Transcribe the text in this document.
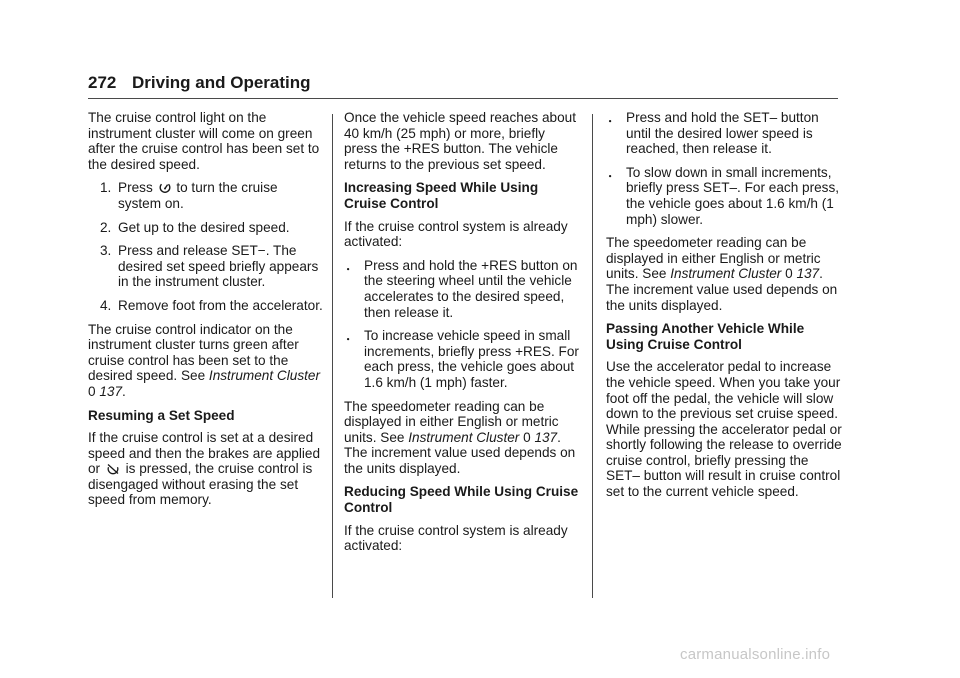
272 Driving and Operating

The cruise control light on the instrument cluster will come on green after the cruise control has been set to the desired speed.

1. Press to turn the cruise system on.
2. Get up to the desired speed.
3. Press and release SET−. The desired set speed briefly appears in the instrument cluster.
4. Remove foot from the accelerator.

The cruise control indicator on the instrument cluster turns green after cruise control has been set to the desired speed. See Instrument Cluster 0 137.

Resuming a Set Speed

If the cruise control is set at a desired speed and then the brakes are applied or is pressed, the cruise control is disengaged without erasing the set speed from memory.

Once the vehicle speed reaches about 40 km/h (25 mph) or more, briefly press the +RES button. The vehicle returns to the previous set speed.

Increasing Speed While Using Cruise Control

If the cruise control system is already activated:

． Press and hold the +RES button on the steering wheel until the vehicle accelerates to the desired speed, then release it.
． To increase vehicle speed in small increments, briefly press +RES. For each press, the vehicle goes about 1.6 km/h (1 mph) faster.

The speedometer reading can be displayed in either English or metric units. See Instrument Cluster 0 137. The increment value used depends on the units displayed.

Reducing Speed While Using Cruise Control

If the cruise control system is already activated:

． Press and hold the SET– button until the desired lower speed is reached, then release it.
． To slow down in small increments, briefly press SET–. For each press, the vehicle goes about 1.6 km/h (1 mph) slower.

The speedometer reading can be displayed in either English or metric units. See Instrument Cluster 0 137. The increment value used depends on the units displayed.

Passing Another Vehicle While Using Cruise Control

Use the accelerator pedal to increase the vehicle speed. When you take your foot off the pedal, the vehicle will slow down to the previous set cruise speed. While pressing the accelerator pedal or shortly following the release to override cruise control, briefly pressing the SET– button will result in cruise control set to the current vehicle speed.

carmanualsonline.info
